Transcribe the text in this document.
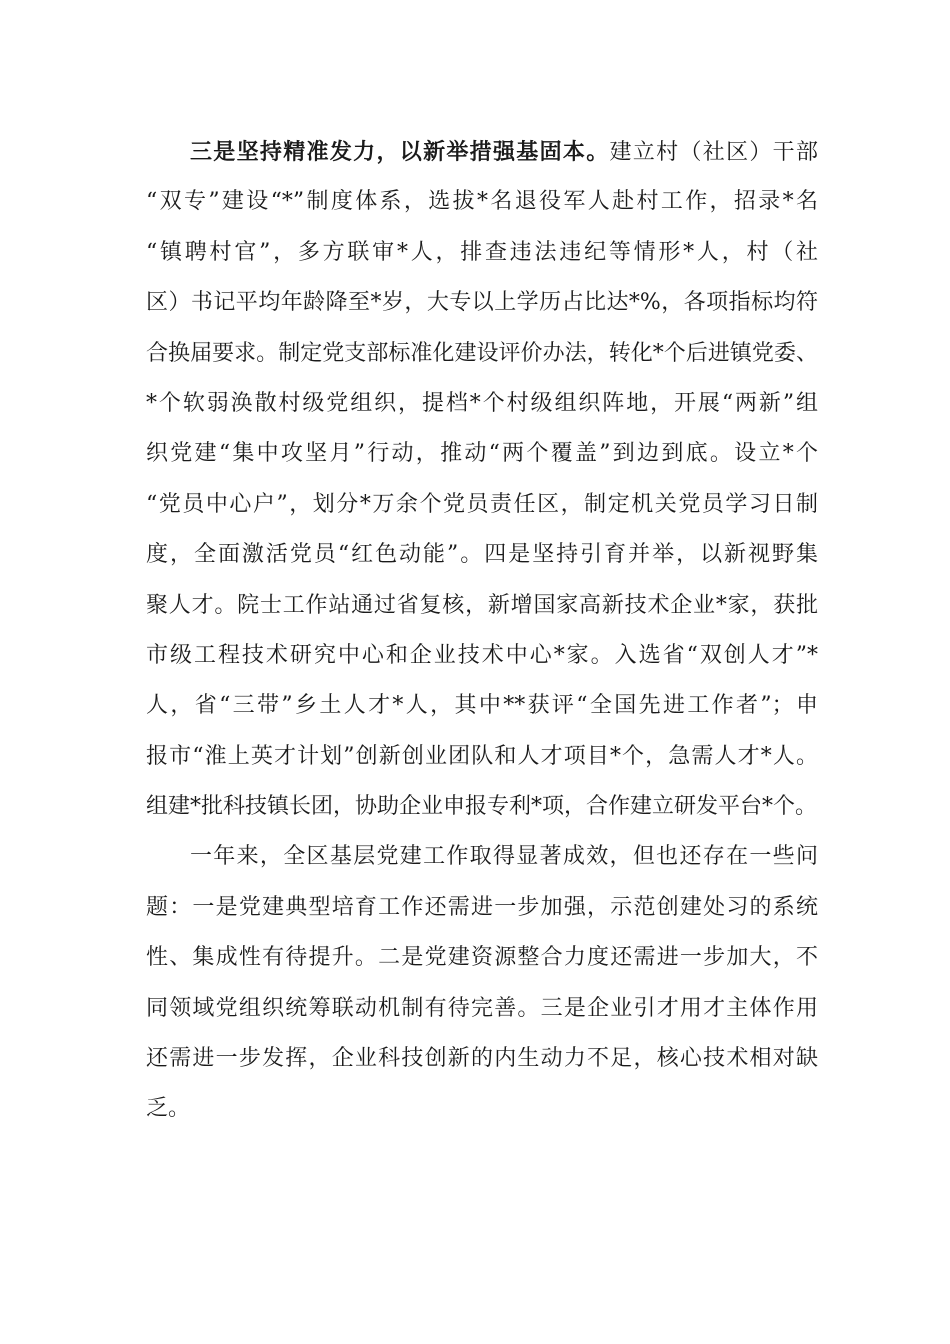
三是坚持精准发力，以新举措强基固本。建立村（社区）干部
“双专”建设“*”制度体系，选拔*名退役军人赴村工作，招录*名
“镇聘村官”，多方联审*人，排查违法违纪等情形*人，村（社
区）书记平均年龄降至*岁，大专以上学历占比达*%，各项指标均符
合换届要求。制定党支部标准化建设评价办法，转化*个后进镇党委、
*个软弱涣散村级党组织，提档*个村级组织阵地，开展“两新”组
织党建“集中攻坚月”行动，推动“两个覆盖”到边到底。设立*个
“党员中心户”，划分*万余个党员责任区，制定机关党员学习日制
度，全面激活党员“红色动能”。四是坚持引育并举，以新视野集
聚人才。院士工作站通过省复核，新增国家高新技术企业*家，获批
市级工程技术研究中心和企业技术中心*家。入选省“双创人才”*
人，省“三带”乡土人才*人，其中**获评“全国先进工作者”；申
报市“淮上英才计划”创新创业团队和人才项目*个，急需人才*人。
组建*批科技镇长团，协助企业申报专利*项，合作建立研发平台*个。
一年来，全区基层党建工作取得显著成效，但也还存在一些问
题：一是党建典型培育工作还需进一步加强，示范创建处习的系统
性、集成性有待提升。二是党建资源整合力度还需进一步加大，不
同领域党组织统筹联动机制有待完善。三是企业引才用才主体作用
还需进一步发挥，企业科技创新的内生动力不足，核心技术相对缺
乏。
